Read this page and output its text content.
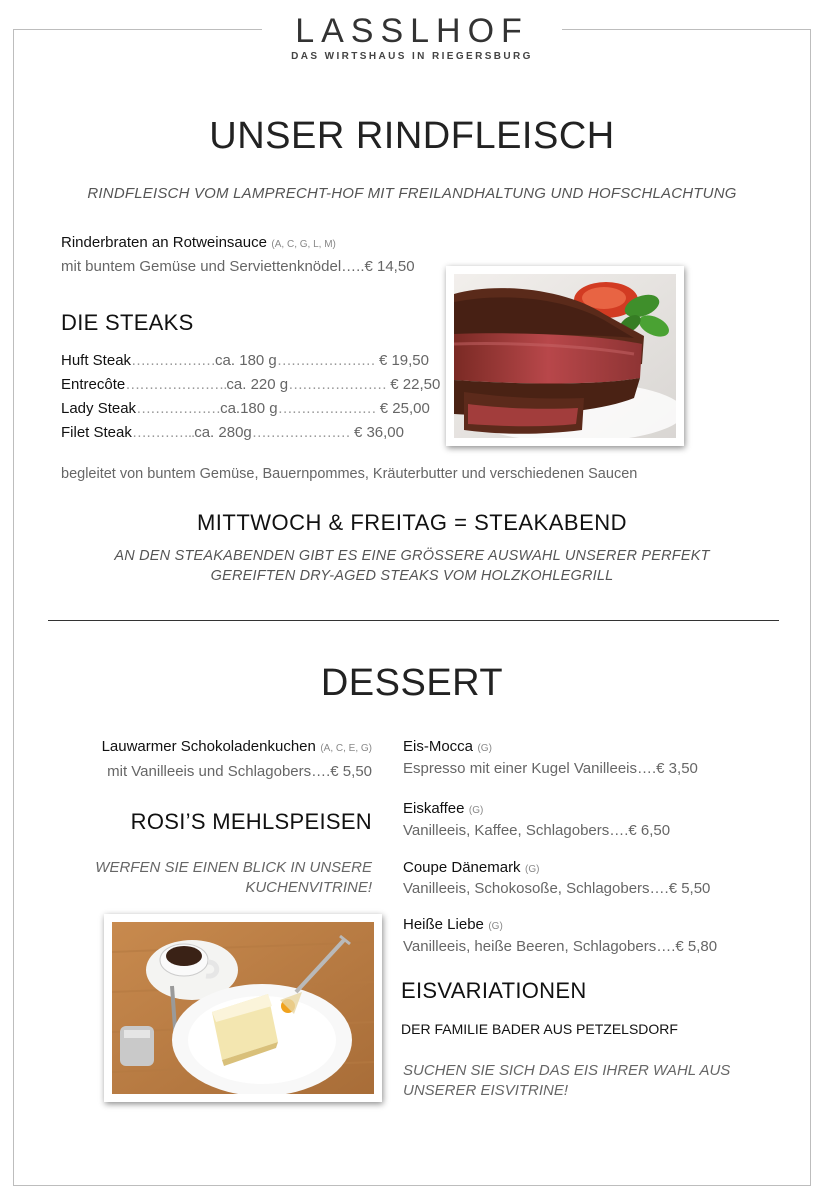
LASSLHOF
DAS WIRTSHAUS IN RIEGERSBURG
UNSER RINDFLEISCH
RINDFLEISCH VOM LAMPRECHT-HOF MIT FREILANDHALTUNG UND HOFSCHLACHTUNG
Rinderbraten an Rotweinsauce (A, C, G, L, M)
mit buntem Gemüse und Serviettenknödel…..€ 14,50
DIE STEAKS
Huft Steak………………ca. 180 g………………… € 19,50
Entrecôte………………….ca. 220 g………………… € 22,50
Lady Steak………………ca.180 g………………… € 25,00
Filet Steak…………..ca. 280g………………… € 36,00
begleitet von buntem Gemüse, Bauernpommes, Kräuterbutter und verschiedenen Saucen
MITTWOCH & FREITAG = STEAKABEND
AN DEN STEAKABENDEN GIBT ES EINE GRÖSSERE AUSWAHL UNSERER PERFEKT
GEREIFTEN DRY-AGED STEAKS VOM HOLZKOHLEGRILL
DESSERT
Lauwarmer Schokoladenkuchen (A, C, E, G)
mit Vanilleeis und Schlagobers….€ 5,50
ROSI’S MEHLSPEISEN
WERFEN SIE EINEN BLICK IN UNSERE
KUCHENVITRINE!
Eis-Mocca (G)
Espresso mit einer Kugel Vanilleeis….€ 3,50
Eiskaffee (G)
Vanilleeis, Kaffee, Schlagobers….€ 6,50
Coupe Dänemark (G)
Vanilleeis, Schokosoße, Schlagobers….€ 5,50
Heiße Liebe (G)
Vanilleeis, heiße Beeren, Schlagobers….€ 5,80
EISVARIATIONEN
DER FAMILIE BADER AUS PETZELSDORF
SUCHEN SIE SICH DAS EIS IHRER WAHL AUS
UNSERER EISVITRINE!
